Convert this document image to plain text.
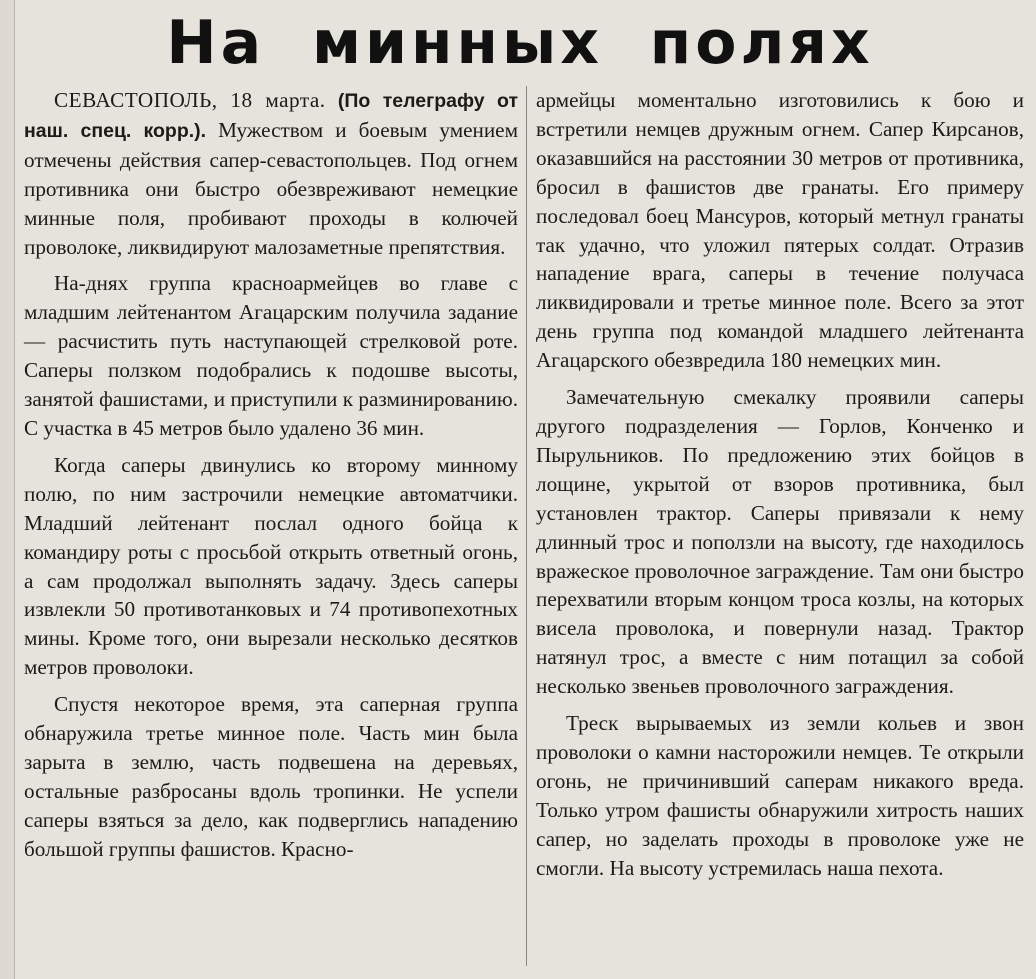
На минных полях

СЕВАСТОПОЛЬ, 18 марта. (По телеграфу от наш. спец. корр.). Мужеством и боевым умением отмечены действия сапер-севастопольцев. Под огнем противника они быстро обезвреживают немецкие минные поля, пробивают проходы в колючей проволоке, ликвидируют малозаметные препятствия.

На-днях группа красноармейцев во главе с младшим лейтенантом Агацарским получила задание — расчистить путь наступающей стрелковой роте. Саперы ползком подобрались к подошве высоты, занятой фашистами, и приступили к разминированию. С участка в 45 метров было удалено 36 мин.

Когда саперы двинулись ко второму минному полю, по ним застрочили немецкие автоматчики. Младший лейтенант послал одного бойца к командиру роты с просьбой открыть ответный огонь, а сам продолжал выполнять задачу. Здесь саперы извлекли 50 противотанковых и 74 противопехотных мины. Кроме того, они вырезали несколько десятков метров проволоки.

Спустя некоторое время, эта саперная группа обнаружила третье минное поле. Часть мин была зарыта в землю, часть подвешена на деревьях, остальные разбросаны вдоль тропинки. Не успели саперы взяться за дело, как подверглись нападению большой группы фашистов. Красно-

армейцы моментально изготовились к бою и встретили немцев дружным огнем. Сапер Кирсанов, оказавшийся на расстоянии 30 метров от противника, бросил в фашистов две гранаты. Его примеру последовал боец Мансуров, который метнул гранаты так удачно, что уложил пятерых солдат. Отразив нападение врага, саперы в течение получаса ликвидировали и третье минное поле. Всего за этот день группа под командой младшего лейтенанта Агацарского обезвредила 180 немецких мин.

Замечательную смекалку проявили саперы другого подразделения — Горлов, Конченко и Пырульников. По предложению этих бойцов в лощине, укрытой от взоров противника, был установлен трактор. Саперы привязали к нему длинный трос и поползли на высоту, где находилось вражеское проволочное заграждение. Там они быстро перехватили вторым концом троса козлы, на которых висела проволока, и повернули назад. Трактор натянул трос, а вместе с ним потащил за собой несколько звеньев проволочного заграждения.

Треск вырываемых из земли кольев и звон проволоки о камни насторожили немцев. Те открыли огонь, не причинивший саперам никакого вреда. Только утром фашисты обнаружили хитрость наших сапер, но заделать проходы в проволоке уже не смогли. На высоту устремилась наша пехота.
